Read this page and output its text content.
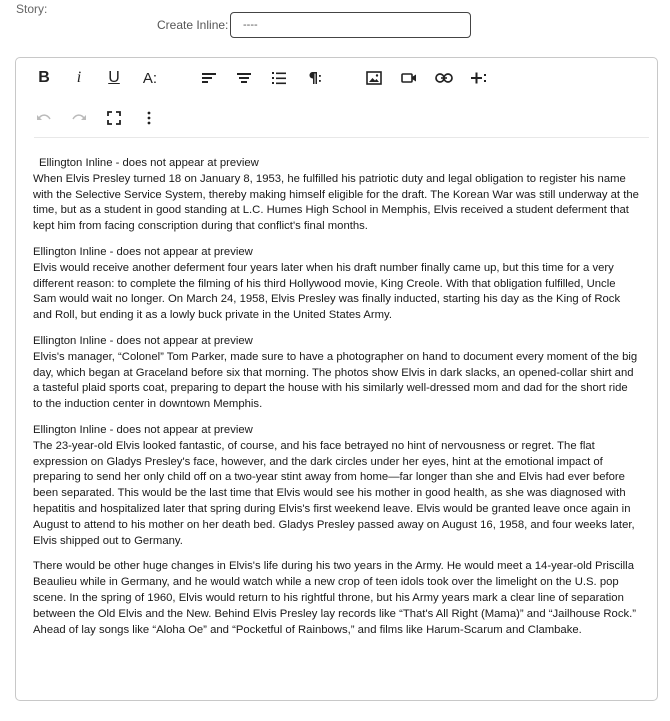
Story:
Create Inline:	----
B i U A:

Ellington Inline - does not appear at preview

When Elvis Presley turned 18 on January 8, 1953, he fulfilled his patriotic duty and legal obligation to register his name with the Selective Service System, thereby making himself eligible for the draft. The Korean War was still underway at the time, but as a student in good standing at L.C. Humes High School in Memphis, Elvis received a student deferment that kept him from facing conscription during that conflict's final months.

Ellington Inline - does not appear at preview

Elvis would receive another deferment four years later when his draft number finally came up, but this time for a very different reason: to complete the filming of his third Hollywood movie, King Creole. With that obligation fulfilled, Uncle Sam would wait no longer. On March 24, 1958, Elvis Presley was finally inducted, starting his day as the King of Rock and Roll, but ending it as a lowly buck private in the United States Army.

Ellington Inline - does not appear at preview

Elvis's manager, “Colonel” Tom Parker, made sure to have a photographer on hand to document every moment of the big day, which began at Graceland before six that morning. The photos show Elvis in dark slacks, an opened-collar shirt and a tasteful plaid sports coat, preparing to depart the house with his similarly well-dressed mom and dad for the short ride to the induction center in downtown Memphis.

Ellington Inline - does not appear at preview

The 23-year-old Elvis looked fantastic, of course, and his face betrayed no hint of nervousness or regret. The flat expression on Gladys Presley's face, however, and the dark circles under her eyes, hint at the emotional impact of preparing to send her only child off on a two-year stint away from home—far longer than she and Elvis had ever before been separated. This would be the last time that Elvis would see his mother in good health, as she was diagnosed with hepatitis and hospitalized later that spring during Elvis's first weekend leave. Elvis would be granted leave once again in August to attend to his mother on her death bed. Gladys Presley passed away on August 16, 1958, and four weeks later, Elvis shipped out to Germany.

There would be other huge changes in Elvis's life during his two years in the Army. He would meet a 14-year-old Priscilla Beaulieu while in Germany, and he would watch while a new crop of teen idols took over the limelight on the U.S. pop scene. In the spring of 1960, Elvis would return to his rightful throne, but his Army years mark a clear line of separation between the Old Elvis and the New. Behind Elvis Presley lay records like “That's All Right (Mama)” and “Jailhouse Rock.” Ahead of lay songs like “Aloha Oe” and “Pocketful of Rainbows,” and films like Harum-Scarum and Clambake.
